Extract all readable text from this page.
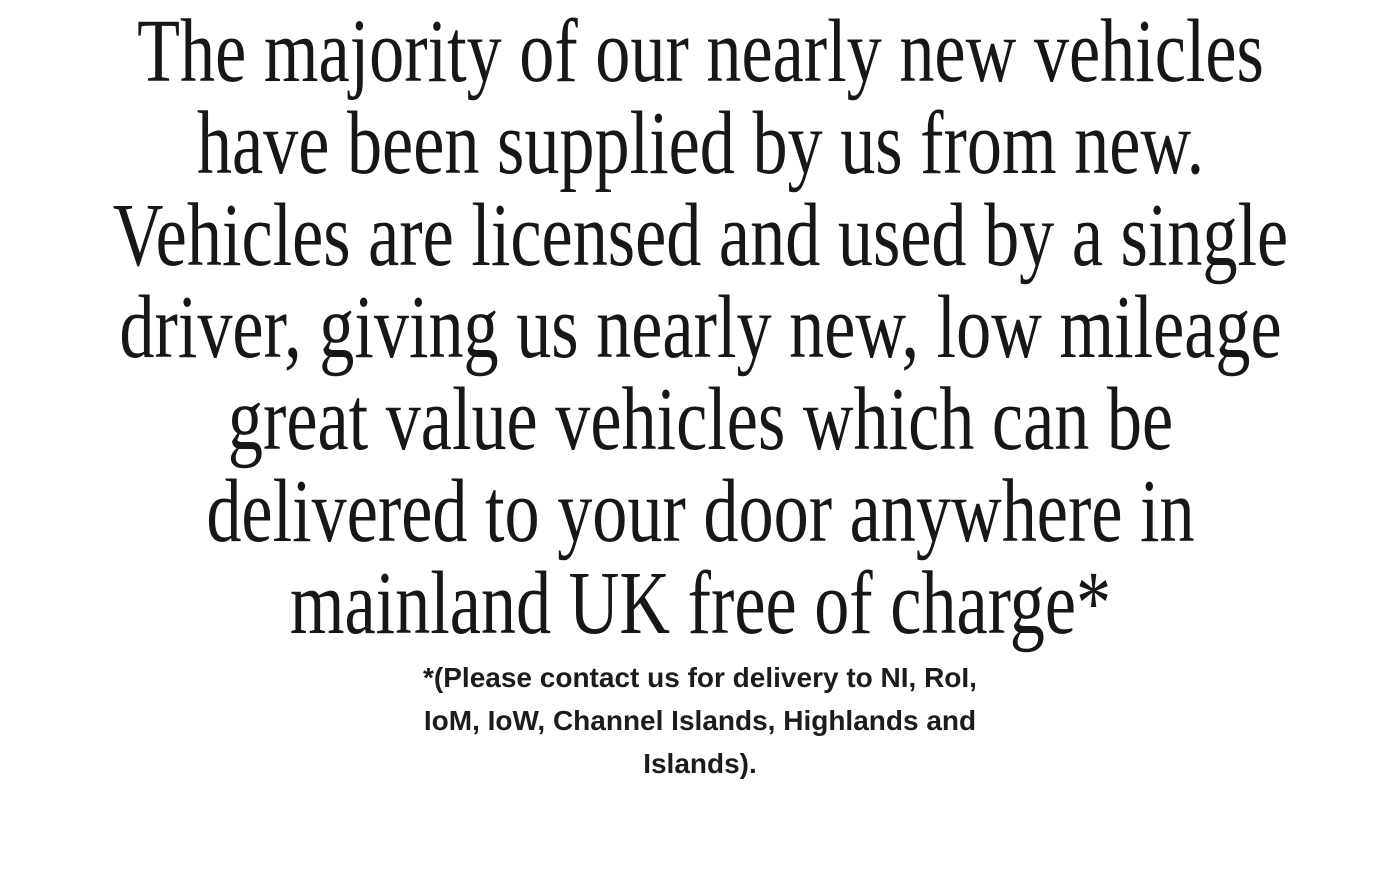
The majority of our nearly new vehicles
have been supplied by us from new.
Vehicles are licensed and used by a single
driver, giving us nearly new, low mileage
great value vehicles which can be
delivered to your door anywhere in
mainland UK free of charge*
*(Please contact us for delivery to NI, RoI,
IoM, IoW, Channel Islands, Highlands and
Islands).
